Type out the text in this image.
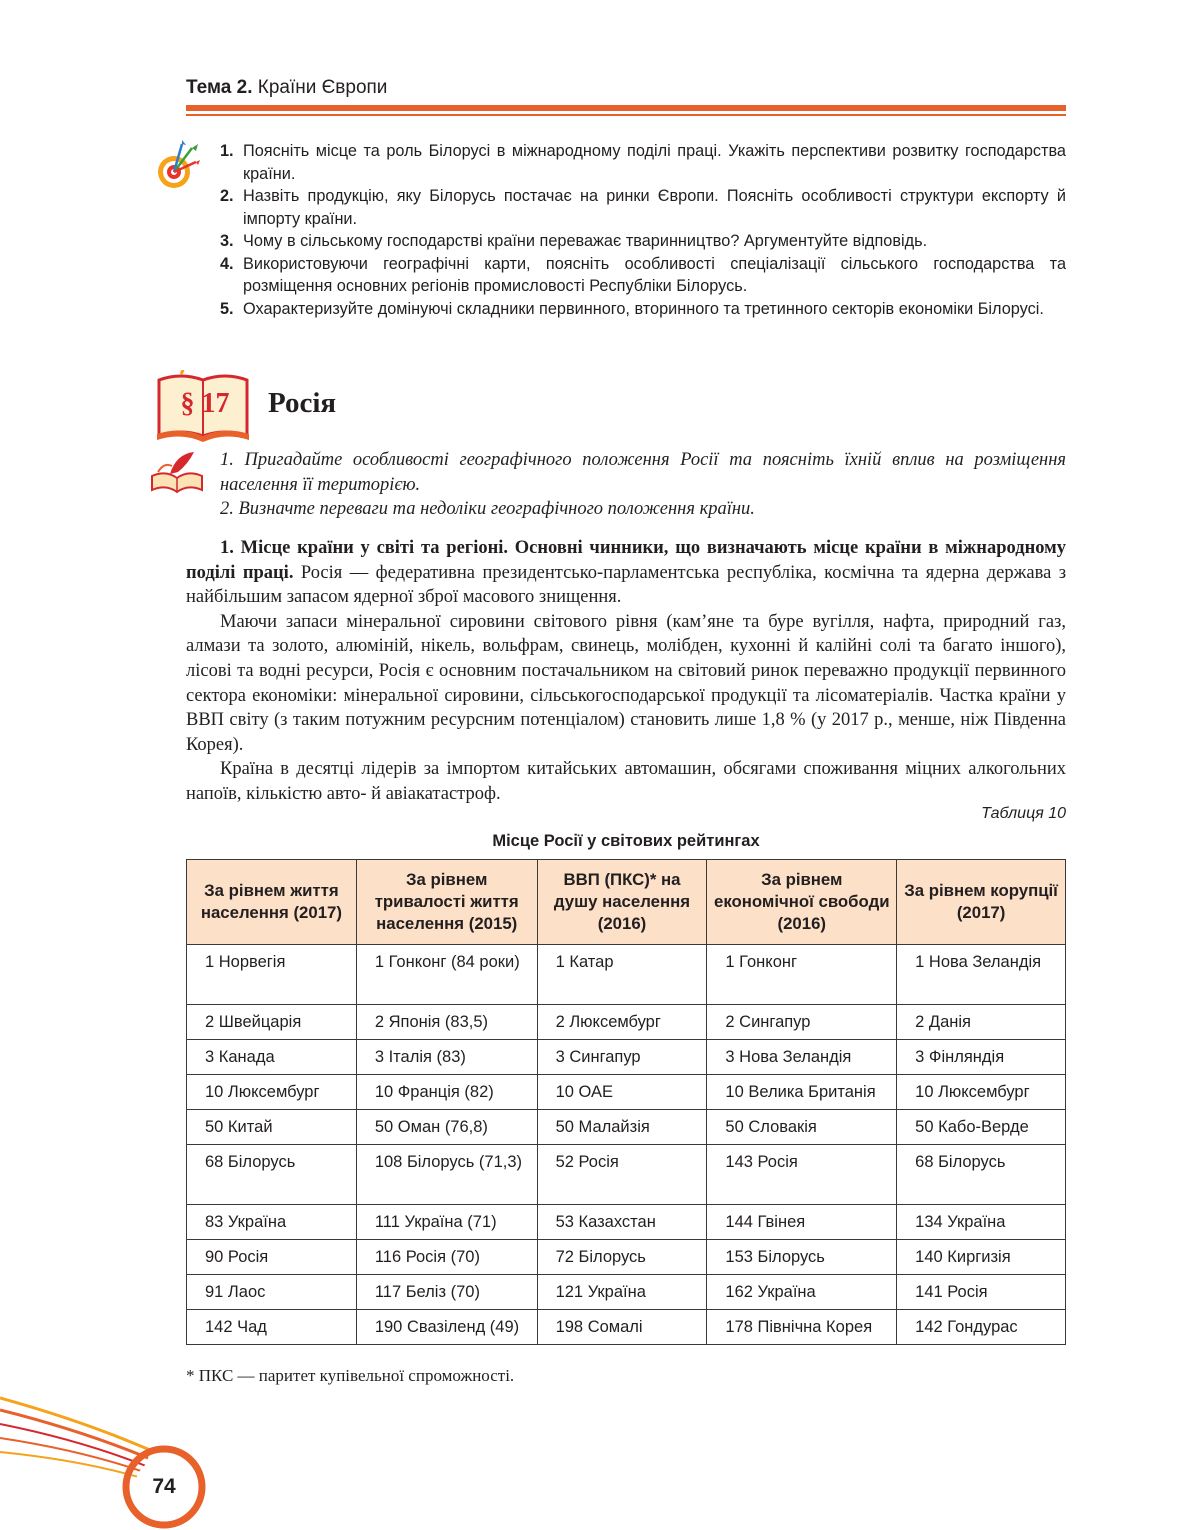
Тема 2. Країни Європи
1. Поясніть місце та роль Білорусі в міжнародному поділі праці. Укажіть перспективи розвитку господарства країни.
2. Назвіть продукцію, яку Білорусь постачає на ринки Європи. Поясніть особливості структури експорту й імпорту країни.
3. Чому в сільському господарстві країни переважає тваринництво? Аргументуйте відповідь.
4. Використовуючи географічні карти, поясніть особливості спеціалізації сільського господарства та розміщення основних регіонів промисловості Республіки Білорусь.
5. Охарактеризуйте домінуючі складники первинного, вторинного та третинного секторів економіки Білорусі.
§ 17 Росія

1. Пригадайте особливості географічного положення Росії та поясніть їхній вплив на розміщення населення її територією.

2. Визначте переваги та недоліки географічного положення країни.

1. Місце країни у світі та регіоні. Основні чинники, що визначають місце країни в міжнародному поділі праці. Росія — федеративна президентсько-парламентська республіка, космічна та ядерна держава з найбільшим запасом ядерної зброї масового знищення.

Маючи запаси мінеральної сировини світового рівня (кам’яне та буре вугілля, нафта, природний газ, алмази та золото, алюміній, нікель, вольфрам, свинець, молібден, кухонні й калійні солі та багато іншого), лісові та водні ресурси, Росія є основним постачальником на світовий ринок переважно продукції первинного сектора економіки: мінеральної сировини, сільськогосподарської продукції та лісоматеріалів. Частка країни у ВВП світу (з таким потужним ресурсним потенціалом) становить лише 1,8 % (у 2017 р., менше, ніж Південна Корея).

Країна в десятці лідерів за імпортом китайських автомашин, обсягами споживання міцних алкогольних напоїв, кількістю авто- й авіакатастроф.

Таблиця 10
Місце Росії у світових рейтингах
За рівнем життя населення (2017)	За рівнем тривалості життя населення (2015)	ВВП (ПКС)* на душу населення (2016)	За рівнем економічної свободи (2016)	За рівнем корупції (2017)
1 Норвегія	1 Гонконг (84 роки)	1 Катар	1 Гонконг	1 Нова Зеландія
2 Швейцарія	2 Японія (83,5)	2 Люксембург	2 Сингапур	2 Данія
3 Канада	3 Італія (83)	3 Сингапур	3 Нова Зеландія	3 Фінляндія
10 Люксембург	10 Франція (82)	10 ОАЕ	10 Велика Британія	10 Люксембург
50 Китай	50 Оман (76,8)	50 Малайзія	50 Словакія	50 Кабо-Верде
68 Білорусь	108 Білорусь (71,3)	52 Росія	143 Росія	68 Білорусь
83 Україна	111 Україна (71)	53 Казахстан	144 Гвінея	134 Україна
90 Росія	116 Росія (70)	72 Білорусь	153 Білорусь	140 Киргизія
91 Лаос	117 Беліз (70)	121 Україна	162 Україна	141 Росія
142 Чад	190 Свазіленд (49)	198 Сомалі	178 Північна Корея	142 Гондурас
* ПКС — паритет купівельної спроможності.
74
